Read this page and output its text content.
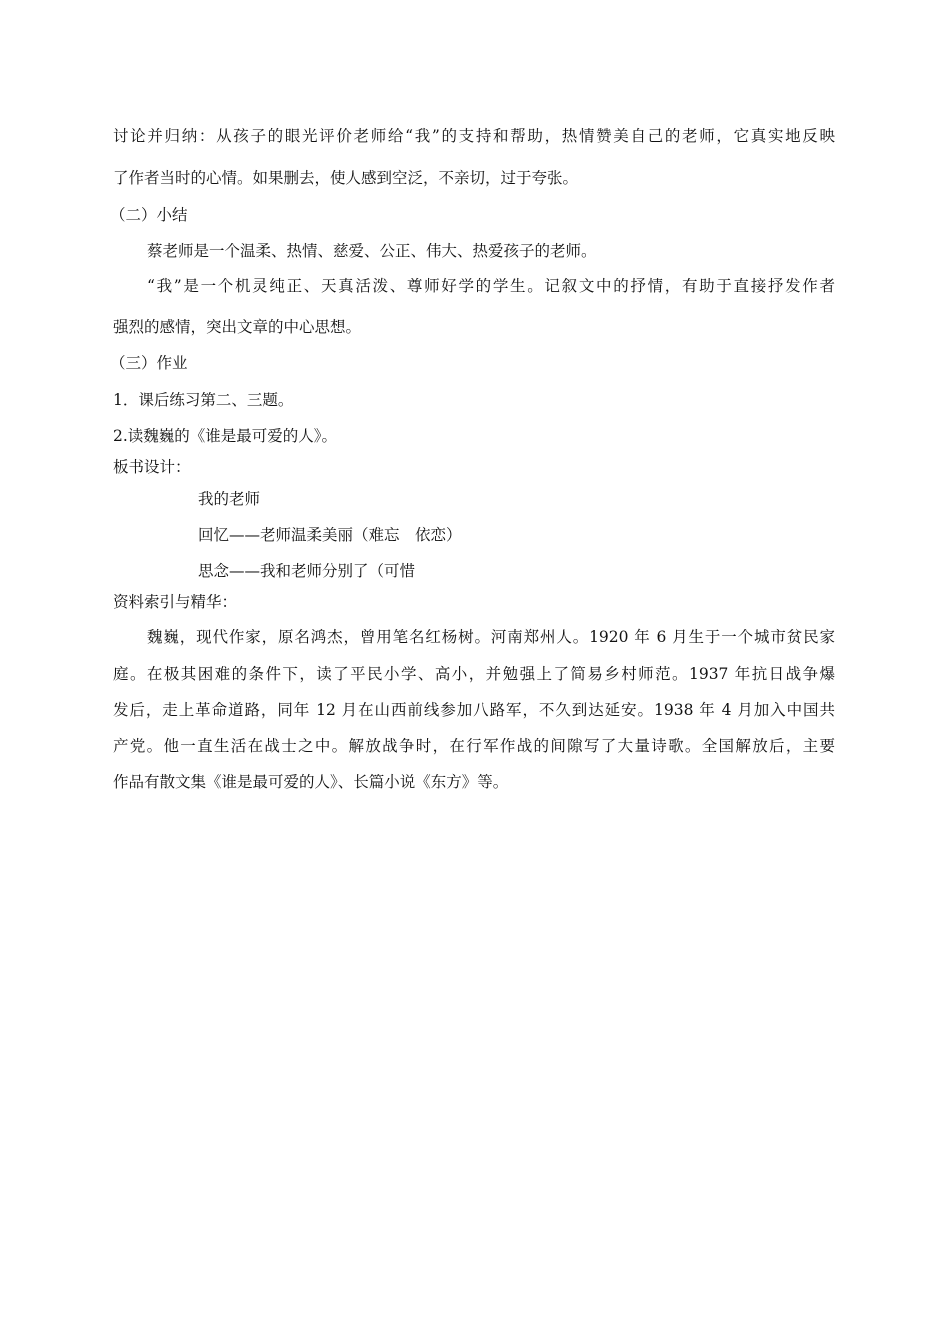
讨论并归纳：从孩子的眼光评价老师给“我”的支持和帮助，热情赞美自己的老师，它真实地反映
了作者当时的心情。如果删去，使人感到空泛，不亲切，过于夸张。
（二）小结
蔡老师是一个温柔、热情、慈爱、公正、伟大、热爱孩子的老师。
“我”是一个机灵纯正、天真活泼、尊师好学的学生。记叙文中的抒情，有助于直接抒发作者
强烈的感情，突出文章的中心思想。
（三）作业
1．课后练习第二、三题。
2.读魏巍的《谁是最可爱的人》。
板书设计：
我的老师
回忆——老师温柔美丽（难忘　依恋）
思念——我和老师分别了（可惜
资料索引与精华：
魏巍，现代作家，原名鸿杰，曾用笔名红杨树。河南郑州人。1920 年 6 月生于一个城市贫民家
庭。在极其困难的条件下，读了平民小学、高小，并勉强上了简易乡村师范。1937 年抗日战争爆
发后，走上革命道路，同年 12 月在山西前线参加八路军，不久到达延安。1938 年 4 月加入中国共
产党。他一直生活在战士之中。解放战争时，在行军作战的间隙写了大量诗歌。全国解放后，主要
作品有散文集《谁是最可爱的人》、长篇小说《东方》等。
